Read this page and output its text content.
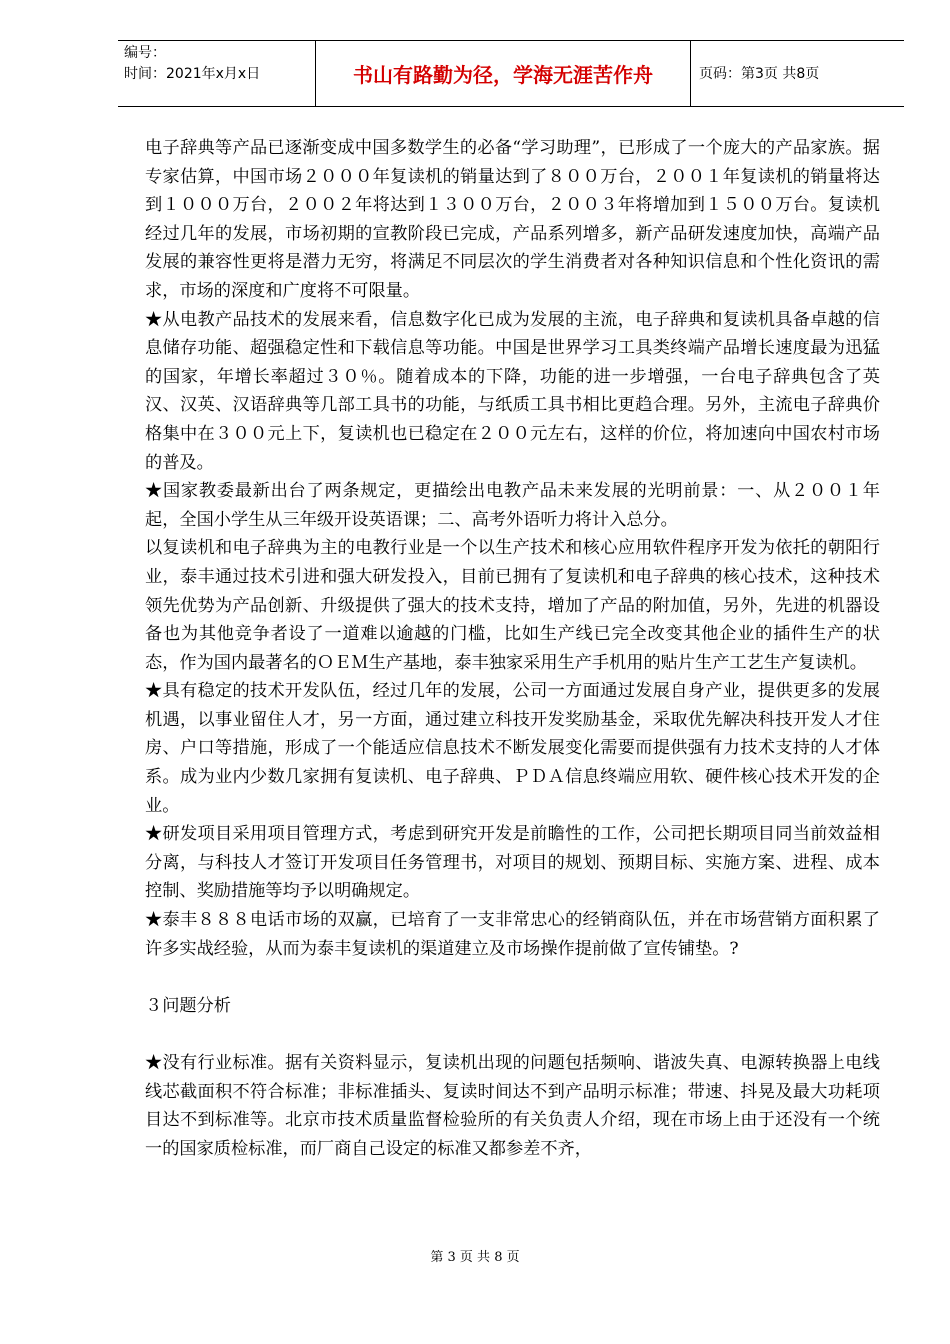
编号：
时间：2021年x月x日	书山有路勤为径，学海无涯苦作舟	页码：第3页 共8页

电子辞典等产品已逐渐变成中国多数学生的必备“学习助理”，已形成了一个庞大的产品家族。据专家估算，中国市场２０００年复读机的销量达到了８００万台，２００１年复读机的销量将达到１０００万台，２００２年将达到１３００万台，２００３年将增加到１５００万台。复读机经过几年的发展，市场初期的宣教阶段已完成，产品系列增多，新产品研发速度加快，高端产品发展的兼容性更将是潜力无穷，将满足不同层次的学生消费者对各种知识信息和个性化资讯的需求，市场的深度和广度将不可限量。

★从电教产品技术的发展来看，信息数字化已成为发展的主流，电子辞典和复读机具备卓越的信息储存功能、超强稳定性和下载信息等功能。中国是世界学习工具类终端产品增长速度最为迅猛的国家，年增长率超过３０％。随着成本的下降，功能的进一步增强，一台电子辞典包含了英汉、汉英、汉语辞典等几部工具书的功能，与纸质工具书相比更趋合理。另外，主流电子辞典价格集中在３００元上下，复读机也已稳定在２００元左右，这样的价位，将加速向中国农村市场的普及。

★国家教委最新出台了两条规定，更描绘出电教产品未来发展的光明前景：一、从２００１年起，全国小学生从三年级开设英语课；二、高考外语听力将计入总分。

以复读机和电子辞典为主的电教行业是一个以生产技术和核心应用软件程序开发为依托的朝阳行业，泰丰通过技术引进和强大研发投入，目前已拥有了复读机和电子辞典的核心技术，这种技术领先优势为产品创新、升级提供了强大的技术支持，增加了产品的附加值，另外，先进的机器设备也为其他竞争者设了一道难以逾越的门槛，比如生产线已完全改变其他企业的插件生产的状态，作为国内最著名的ＯＥＭ生产基地，泰丰独家采用生产手机用的贴片生产工艺生产复读机。

★具有稳定的技术开发队伍，经过几年的发展，公司一方面通过发展自身产业，提供更多的发展机遇，以事业留住人才，另一方面，通过建立科技开发奖励基金，采取优先解决科技开发人才住房、户口等措施，形成了一个能适应信息技术不断发展变化需要而提供强有力技术支持的人才体系。成为业内少数几家拥有复读机、电子辞典、ＰＤＡ信息终端应用软、硬件核心技术开发的企业。

★研发项目采用项目管理方式，考虑到研究开发是前瞻性的工作，公司把长期项目同当前效益相分离，与科技人才签订开发项目任务管理书，对项目的规划、预期目标、实施方案、进程、成本控制、奖励措施等均予以明确规定。

★泰丰８８８电话市场的双赢，已培育了一支非常忠心的经销商队伍，并在市场营销方面积累了许多实战经验，从而为泰丰复读机的渠道建立及市场操作提前做了宣传铺垫。?

３问题分析

★没有行业标准。据有关资料显示，复读机出现的问题包括频响、谐波失真、电源转换器上电线线芯截面积不符合标准；非标准插头、复读时间达不到产品明示标准；带速、抖晃及最大功耗项目达不到标准等。北京市技术质量监督检验所的有关负责人介绍，现在市场上由于还没有一个统一的国家质检标准，而厂商自己设定的标准又都参差不齐，

第 3 页 共 8 页
